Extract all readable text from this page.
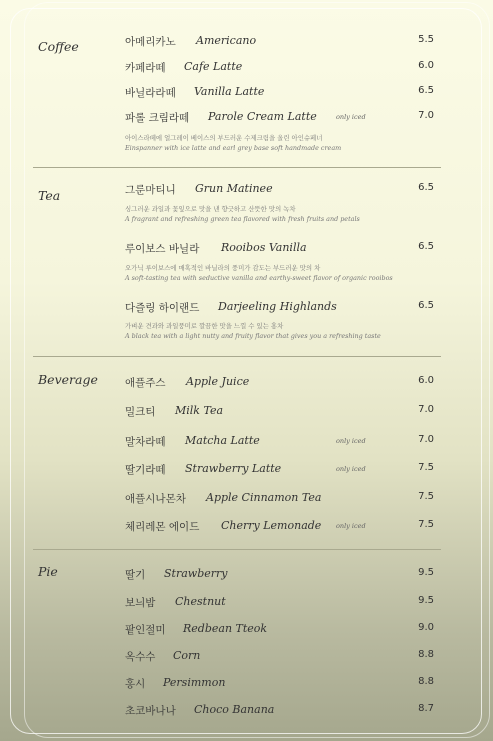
Coffee	아메리카노 Americano	5.5
카페라떼 Cafe Latte	6.0
바닐라라떼 Vanilla Latte	6.5
파롤 크림라떼 Parole Cream Latte	only iced	7.0
아이스라떼에 얼그레이 베이스의 부드러운 수제크림을 올린 아인슈페너
Einspanner with ice latte and earl grey base soft handmade cream
Tea	그룬마티니 Grun Matinee	6.5
싱그러운 과일과 꽃잎으로 맛을 낸 향긋하고 산뜻한 맛의 녹차
A fragrant and refreshing green tea flavored with fresh fruits and petals
루이보스 바닐라 Rooibos Vanilla	6.5
오가닉 루이보스에 매혹적인 바닐라의 풍미가 감도는 부드러운 맛의 차
A soft-tasting tea with seductive vanilla and earthy-sweet flavor of organic rooibos
다즐링 하이랜드 Darjeeling Highlands	6.5
가벼운 견과와 과일풍미로 깔끔한 맛을 느낄 수 있는 홍차
A black tea with a light nutty and fruity flavor that gives you a refreshing taste
Beverage	애플주스 Apple Juice	6.0
밀크티 Milk Tea	7.0
말차라떼 Matcha Latte	only iced	7.0
딸기라떼 Strawberry Latte	only iced	7.5
애플시나몬차 Apple Cinnamon Tea	7.5
체리레몬 에이드 Cherry Lemonade only iced	7.5
Pie	딸기 Strawberry	9.5
보늬밤 Chestnut	9.5
팥인절미 Redbean Tteok	9.0
옥수수 Corn	8.8
홍시 Persimmon	8.8
초코바나나 Choco Banana	8.7
